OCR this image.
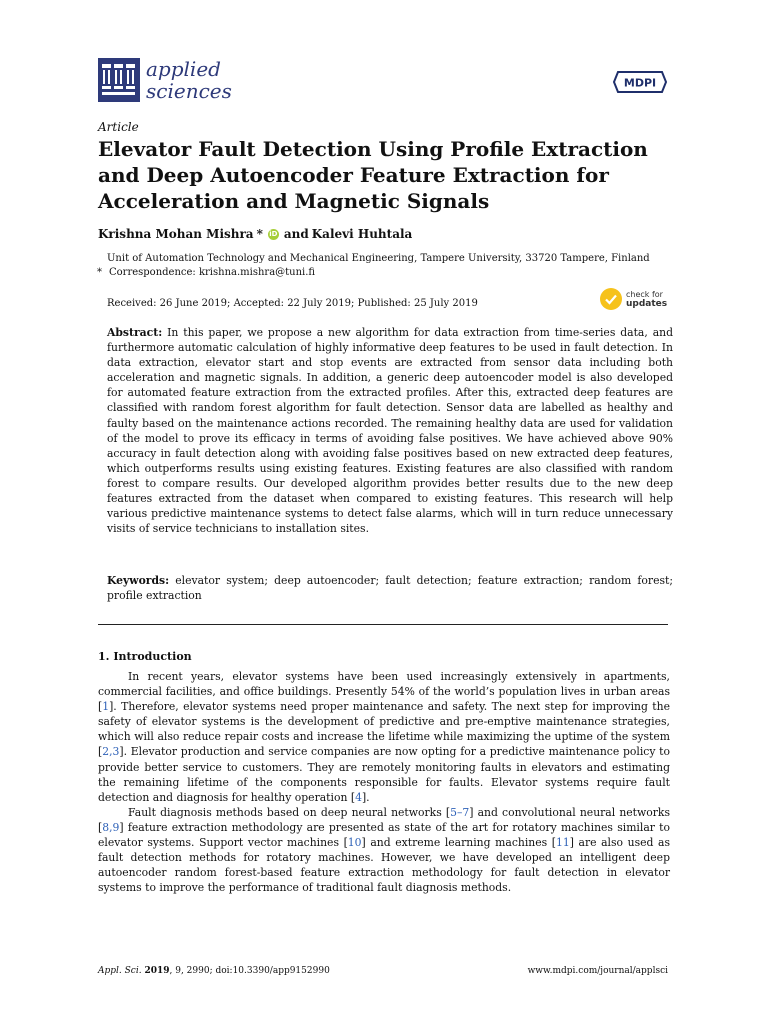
applied
sciences	MDPI
Article
Elevator Fault Detection Using Profile Extraction and Deep Autoencoder Feature Extraction for Acceleration and Magnetic Signals
Krishna Mohan Mishra * iD and Kalevi Huhtala
Unit of Automation Technology and Mechanical Engineering, Tampere University, 33720 Tampere, Finland
* Correspondence: krishna.mishra@tuni.fi
Received: 26 June 2019; Accepted: 22 July 2019; Published: 25 July 2019
check for
updates
Abstract: In this paper, we propose a new algorithm for data extraction from time-series data, and furthermore automatic calculation of highly informative deep features to be used in fault detection. In data extraction, elevator start and stop events are extracted from sensor data including both acceleration and magnetic signals. In addition, a generic deep autoencoder model is also developed for automated feature extraction from the extracted profiles. After this, extracted deep features are classified with random forest algorithm for fault detection. Sensor data are labelled as healthy and faulty based on the maintenance actions recorded. The remaining healthy data are used for validation of the model to prove its efficacy in terms of avoiding false positives. We have achieved above 90% accuracy in fault detection along with avoiding false positives based on new extracted deep features, which outperforms results using existing features. Existing features are also classified with random forest to compare results. Our developed algorithm provides better results due to the new deep features extracted from the dataset when compared to existing features. This research will help various predictive maintenance systems to detect false alarms, which will in turn reduce unnecessary visits of service technicians to installation sites.
Keywords: elevator system; deep autoencoder; fault detection; feature extraction; random forest; profile extraction
1. Introduction

In recent years, elevator systems have been used increasingly extensively in apartments, commercial facilities, and office buildings. Presently 54% of the world’s population lives in urban areas [1]. Therefore, elevator systems need proper maintenance and safety. The next step for improving the safety of elevator systems is the development of predictive and pre-emptive maintenance strategies, which will also reduce repair costs and increase the lifetime while maximizing the uptime of the system [2,3]. Elevator production and service companies are now opting for a predictive maintenance policy to provide better service to customers. They are remotely monitoring faults in elevators and estimating the remaining lifetime of the components responsible for faults. Elevator systems require fault detection and diagnosis for healthy operation [4].

Fault diagnosis methods based on deep neural networks [5–7] and convolutional neural networks [8,9] feature extraction methodology are presented as state of the art for rotatory machines similar to elevator systems. Support vector machines [10] and extreme learning machines [11] are also used as fault detection methods for rotatory machines. However, we have developed an intelligent deep autoencoder random forest-based feature extraction methodology for fault detection in elevator systems to improve the performance of traditional fault diagnosis methods.

Appl. Sci. 2019, 9, 2990; doi:10.3390/app9152990	www.mdpi.com/journal/applsci
